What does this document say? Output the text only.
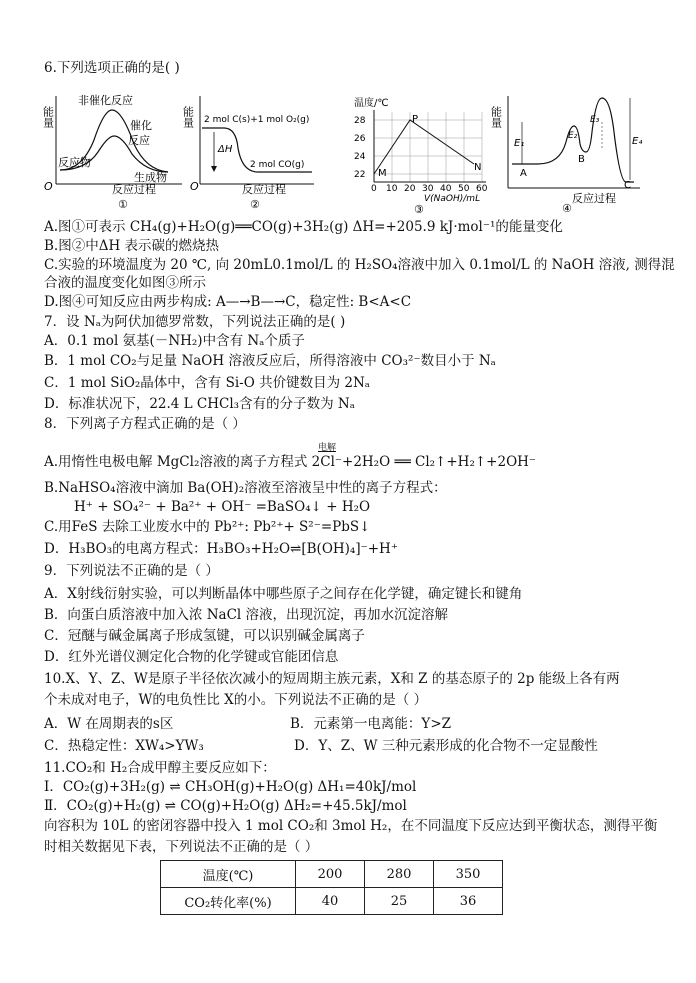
6.下列选项正确的是( )
能量
非催化反应
催化
反应
反应物
生成物
O	反应过程
①
能量 2 mol C(s)+1 mol O₂(g)
ΔH
2 mol CO(g)
O	反应过程
②
温度/℃
28
26
24
22
0 10 20 30 40 50 60
P
M
N
V(NaOH)/mL
③
能量
E₁
E₂
E₃
E₄
A
B
C
反应过程
④
A.图①可表示 CH₄(g)+H₂O(g)══CO(g)+3H₂(g) ΔH=+205.9 kJ·mol⁻¹的能量变化
B.图②中ΔH 表示碳的燃烧热
C.实验的环境温度为 20 ℃, 向 20mL0.1mol/L 的 H₂SO₄溶液中加入 0.1mol/L 的 NaOH 溶液, 测得混
合液的温度变化如图③所示
D.图④可知反应由两步构成: A—→B—→C，稳定性: B<A<C
7．设 Nₐ为阿伏加德罗常数，下列说法正确的是( )
A．0.1 mol 氨基(－NH₂)中含有 Nₐ个质子
B．1 mol CO₂与足量 NaOH 溶液反应后，所得溶液中 CO₃²⁻数目小于 Nₐ
C．1 mol SiO₂晶体中，含有 Si-O 共价键数目为 2Nₐ
D．标准状况下，22.4 L CHCl₃含有的分子数为 Nₐ
8．下列离子方程式正确的是（ ）
电解
A.用惰性电极电解 MgCl₂溶液的离子方程式 2Cl⁻+2H₂O ══ Cl₂↑+H₂↑+2OH⁻
B.NaHSO₄溶液中滴加 Ba(OH)₂溶液至溶液呈中性的离子方程式：
H⁺ + SO₄²⁻ + Ba²⁺ + OH⁻ =BaSO₄↓ + H₂O
C.用FeS 去除工业废水中的 Pb²⁺: Pb²⁺+ S²⁻=PbS↓
D．H₃BO₃的电离方程式：H₃BO₃+H₂O⇌[B(OH)₄]⁻+H⁺
9．下列说法不正确的是（ ）
A．X射线衍射实验，可以判断晶体中哪些原子之间存在化学键，确定键长和键角
B．向蛋白质溶液中加入浓 NaCl 溶液，出现沉淀，再加水沉淀溶解
C．冠醚与碱金属离子形成氢键，可以识别碱金属离子
D．红外光谱仪测定化合物的化学键或官能团信息
10.X、Y、Z、W是原子半径依次减小的短周期主族元素，X和 Z 的基态原子的 2p 能级上各有两
个未成对电子，W的电负性比 X的小。下列说法不正确的是（ ）
A．W 在周期表的s区	B．元素第一电离能：Y>Z
C．热稳定性：XW₄>YW₃	D．Y、Z、W 三种元素形成的化合物不一定显酸性
11.CO₂和 H₂合成甲醇主要反应如下：
Ⅰ．CO₂(g)+3H₂(g) ⇌ CH₃OH(g)+H₂O(g) ΔH₁=40kJ/mol
Ⅱ．CO₂(g)+H₂(g) ⇌ CO(g)+H₂O(g) ΔH₂=+45.5kJ/mol
向容积为 10L 的密闭容器中投入 1 mol CO₂和 3mol H₂，在不同温度下反应达到平衡状态，测得平衡
时相关数据见下表，下列说法不正确的是（ ）
温度(℃)	200	280	350
CO₂转化率(%)	40	25	36
